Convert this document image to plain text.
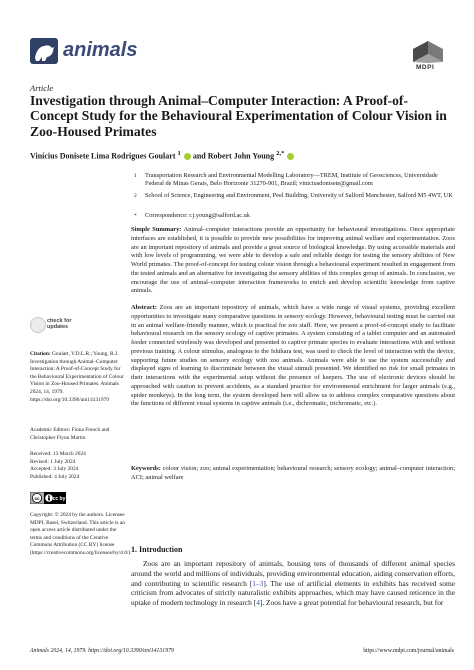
animals
MDPI
Article
Investigation through Animal–Computer Interaction: A Proof-of-Concept Study for the Behavioural Experimentation of Colour Vision in Zoo-Housed Primates
Vinícius Donisete Lima Rodrigues Goulart $^1$ and Robert John Young $^{2,*}$
1	Transportation Research and Environmental Modelling Laboratory—TREM, Institute of Geosciences, Universidade Federal de Minas Gerais, Belo Horizonte 31270-901, Brazil; viniciusdonisete@gmail.com
2	School of Science, Engineering and Environment, Peel Building, University of Salford Manchester, Salford M5 4WT, UK
*	Correspondence: r.j.young@salford.ac.uk
Simple Summary: Animal–computer interactions provide an opportunity for behavioural investigations. Once appropriate interfaces are established, it is possible to provide new possibilities for improving animal welfare and experimentation. Zoos are an important repository of animals and provide a great source of biological knowledge. By using accessible materials and with low levels of programming, we were able to develop a safe and reliable design for testing the sensory abilities of New World primates. The proof-of-concept for testing colour vision through a behavioural experiment resulted in engagement from the tested animals and an alternative for investigating the sensory abilities of this complex group of animals. In conclusion, we encourage the use of animal–computer interaction frameworks to enrich and develop scientific knowledge from captive animals.
Abstract: Zoos are an important repository of animals, which have a wide range of visual systems, providing excellent opportunities to investigate many comparative questions in sensory ecology. However, behavioural testing must be carried out in an animal welfare-friendly manner, which is practical for zoo staff. Here, we present a proof-of-concept study to facilitate behavioural research on the sensory ecology of captive primates. A system consisting of a tablet computer and an automated feeder connected wirelessly was developed and presented to captive primate species to evaluate interactions with and without previous training. A colour stimulus, analogous to the Ishihara test, was used to check the level of interaction with the device, supporting future studies on sensory ecology with zoo animals. Animals were able to use the system successfully and displayed signs of learning to discriminate between the visual stimuli presented. We identified no risk for small primates in their interactions with the experimental setup without the presence of keepers. The use of electronic devices should be approached with caution to prevent accidents, as a standard practice for environmental enrichment for larger animals (e.g., spider monkeys). In the long term, the system developed here will allow us to address complex comparative questions about the functions of different visual systems in captive animals (i.e., dichromatic, trichromatic, etc.).
Keywords: colour vision; zoo; animal experimentation; behavioural research; sensory ecology; animal–computer interaction; ACI; animal welfare
check for
updates
Citation: Goulart, V.D.L.R.; Young, R.J. Investigation through Animal–Computer Interaction: A Proof-of-Concept Study for the Behavioural Experimentation of Colour Vision in Zoo-Housed Primates. Animals 2024, 14, 1979. https://doi.org/10.3390/ani14131979
Academic Editors: Fiona French and Christopher Flynn Martin
Received: 13 March 2024
Revised: 1 July 2024
Accepted: 3 July 2024
Published: 4 July 2024
cc	cc by
Copyright: © 2024 by the authors. Licensee MDPI, Basel, Switzerland. This article is an open access article distributed under the terms and conditions of the Creative Commons Attribution (CC BY) license (https://creativecommons.org/licenses/by/4.0/). 1. Introduction
Zoos are an important repository of animals, housing tens of thousands of different animal species around the world and millions of individuals, providing environmental education, aiding conservation efforts, and contributing to scientific research [1–3]. The use of artificial elements in exhibits has received some criticism from advocates of strictly naturalistic exhibits approaches, which may have caused reticence in the uptake of modern technology in research [4]. Zoos have a great potential for behavioural research, but for
Animals 2024, 14, 1979. https://doi.org/10.3390/ani14131979	https://www.mdpi.com/journal/animals
